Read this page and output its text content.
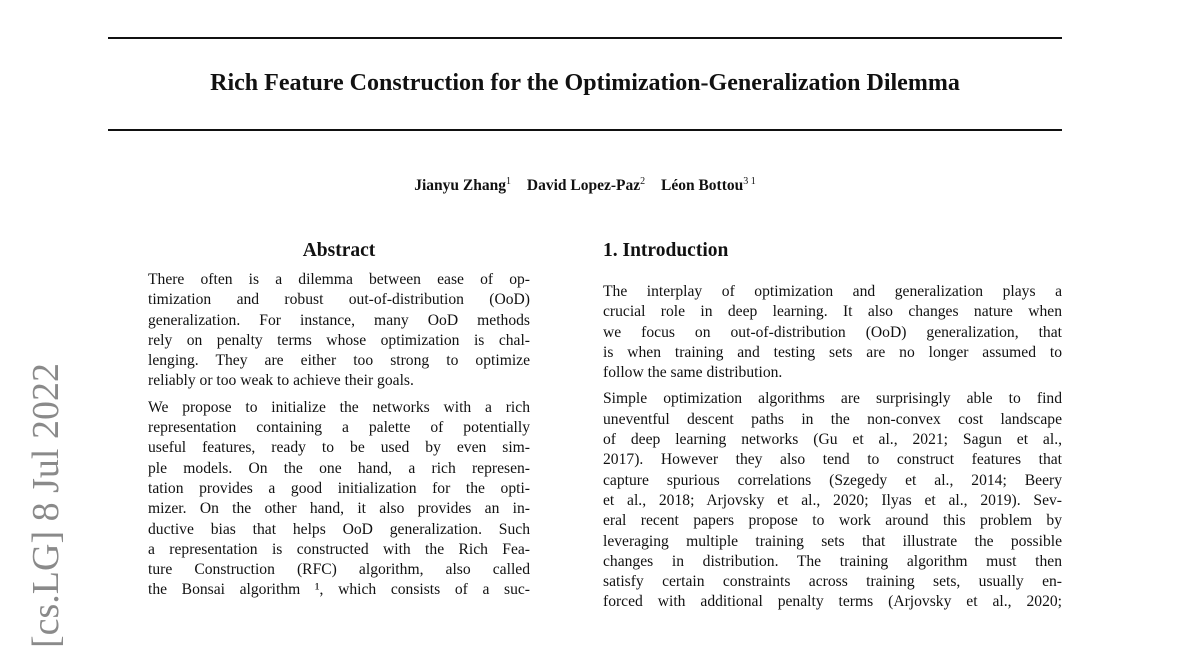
Rich Feature Construction for the Optimization-Generalization Dilemma
Jianyu Zhang$^1$ David Lopez-Paz$^2$ Léon Bottou$^{3 1}$
[cs.LG] 8 Jul 2022
Abstract
There often is a dilemma between ease of op-
timization and robust out-of-distribution (OoD)
generalization. For instance, many OoD methods
rely on penalty terms whose optimization is chal-
lenging. They are either too strong to optimize
reliably or too weak to achieve their goals.
We propose to initialize the networks with a rich
representation containing a palette of potentially
useful features, ready to be used by even sim-
ple models. On the one hand, a rich represen-
tation provides a good initialization for the opti-
mizer. On the other hand, it also provides an in-
ductive bias that helps OoD generalization. Such
a representation is constructed with the Rich Fea-
ture Construction (RFC) algorithm, also called
the Bonsai algorithm ¹, which consists of a suc-
1. Introduction
The interplay of optimization and generalization plays a
crucial role in deep learning. It also changes nature when
we focus on out-of-distribution (OoD) generalization, that
is when training and testing sets are no longer assumed to
follow the same distribution.
Simple optimization algorithms are surprisingly able to find
uneventful descent paths in the non-convex cost landscape
of deep learning networks (Gu et al., 2021; Sagun et al.,
2017). However they also tend to construct features that
capture spurious correlations (Szegedy et al., 2014; Beery
et al., 2018; Arjovsky et al., 2020; Ilyas et al., 2019). Sev-
eral recent papers propose to work around this problem by
leveraging multiple training sets that illustrate the possible
changes in distribution. The training algorithm must then
satisfy certain constraints across training sets, usually en-
forced with additional penalty terms (Arjovsky et al., 2020;
